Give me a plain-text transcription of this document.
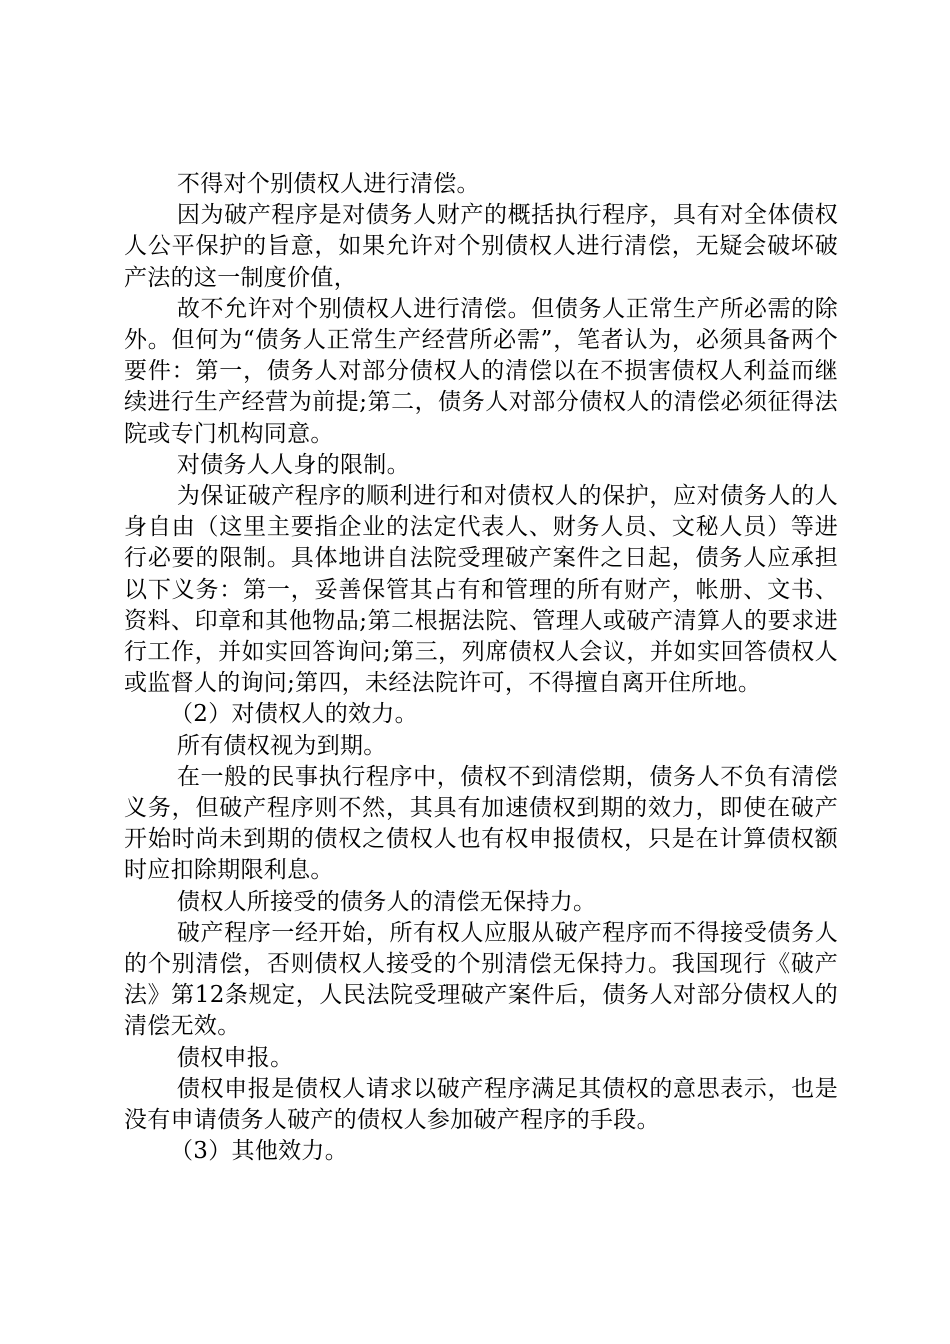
不得对个别债权人进行清偿。

因为破产程序是对债务人财产的概括执行程序，具有对全体债权人公平保护的旨意，如果允许对个别债权人进行清偿，无疑会破坏破产法的这一制度价值，

故不允许对个别债权人进行清偿。但债务人正常生产所必需的除外。但何为“债务人正常生产经营所必需”，笔者认为，必须具备两个要件：第一，债务人对部分债权人的清偿以在不损害债权人利益而继续进行生产经营为前提;第二，债务人对部分债权人的清偿必须征得法院或专门机构同意。

对债务人人身的限制。

为保证破产程序的顺利进行和对债权人的保护，应对债务人的人身自由（这里主要指企业的法定代表人、财务人员、文秘人员）等进行必要的限制。具体地讲自法院受理破产案件之日起，债务人应承担以下义务：第一，妥善保管其占有和管理的所有财产，帐册、文书、资料、印章和其他物品;第二根据法院、管理人或破产清算人的要求进行工作，并如实回答询问;第三，列席债权人会议，并如实回答债权人或监督人的询问;第四，未经法院许可，不得擅自离开住所地。

（2）对债权人的效力。

所有债权视为到期。

在一般的民事执行程序中，债权不到清偿期，债务人不负有清偿义务，但破产程序则不然，其具有加速债权到期的效力，即使在破产开始时尚未到期的债权之债权人也有权申报债权，只是在计算债权额时应扣除期限利息。

债权人所接受的债务人的清偿无保持力。

破产程序一经开始，所有权人应服从破产程序而不得接受债务人的个别清偿，否则债权人接受的个别清偿无保持力。我国现行《破产法》第12条规定，人民法院受理破产案件后，债务人对部分债权人的清偿无效。

债权申报。

债权申报是债权人请求以破产程序满足其债权的意思表示，也是没有申请债务人破产的债权人参加破产程序的手段。

（3）其他效力。
